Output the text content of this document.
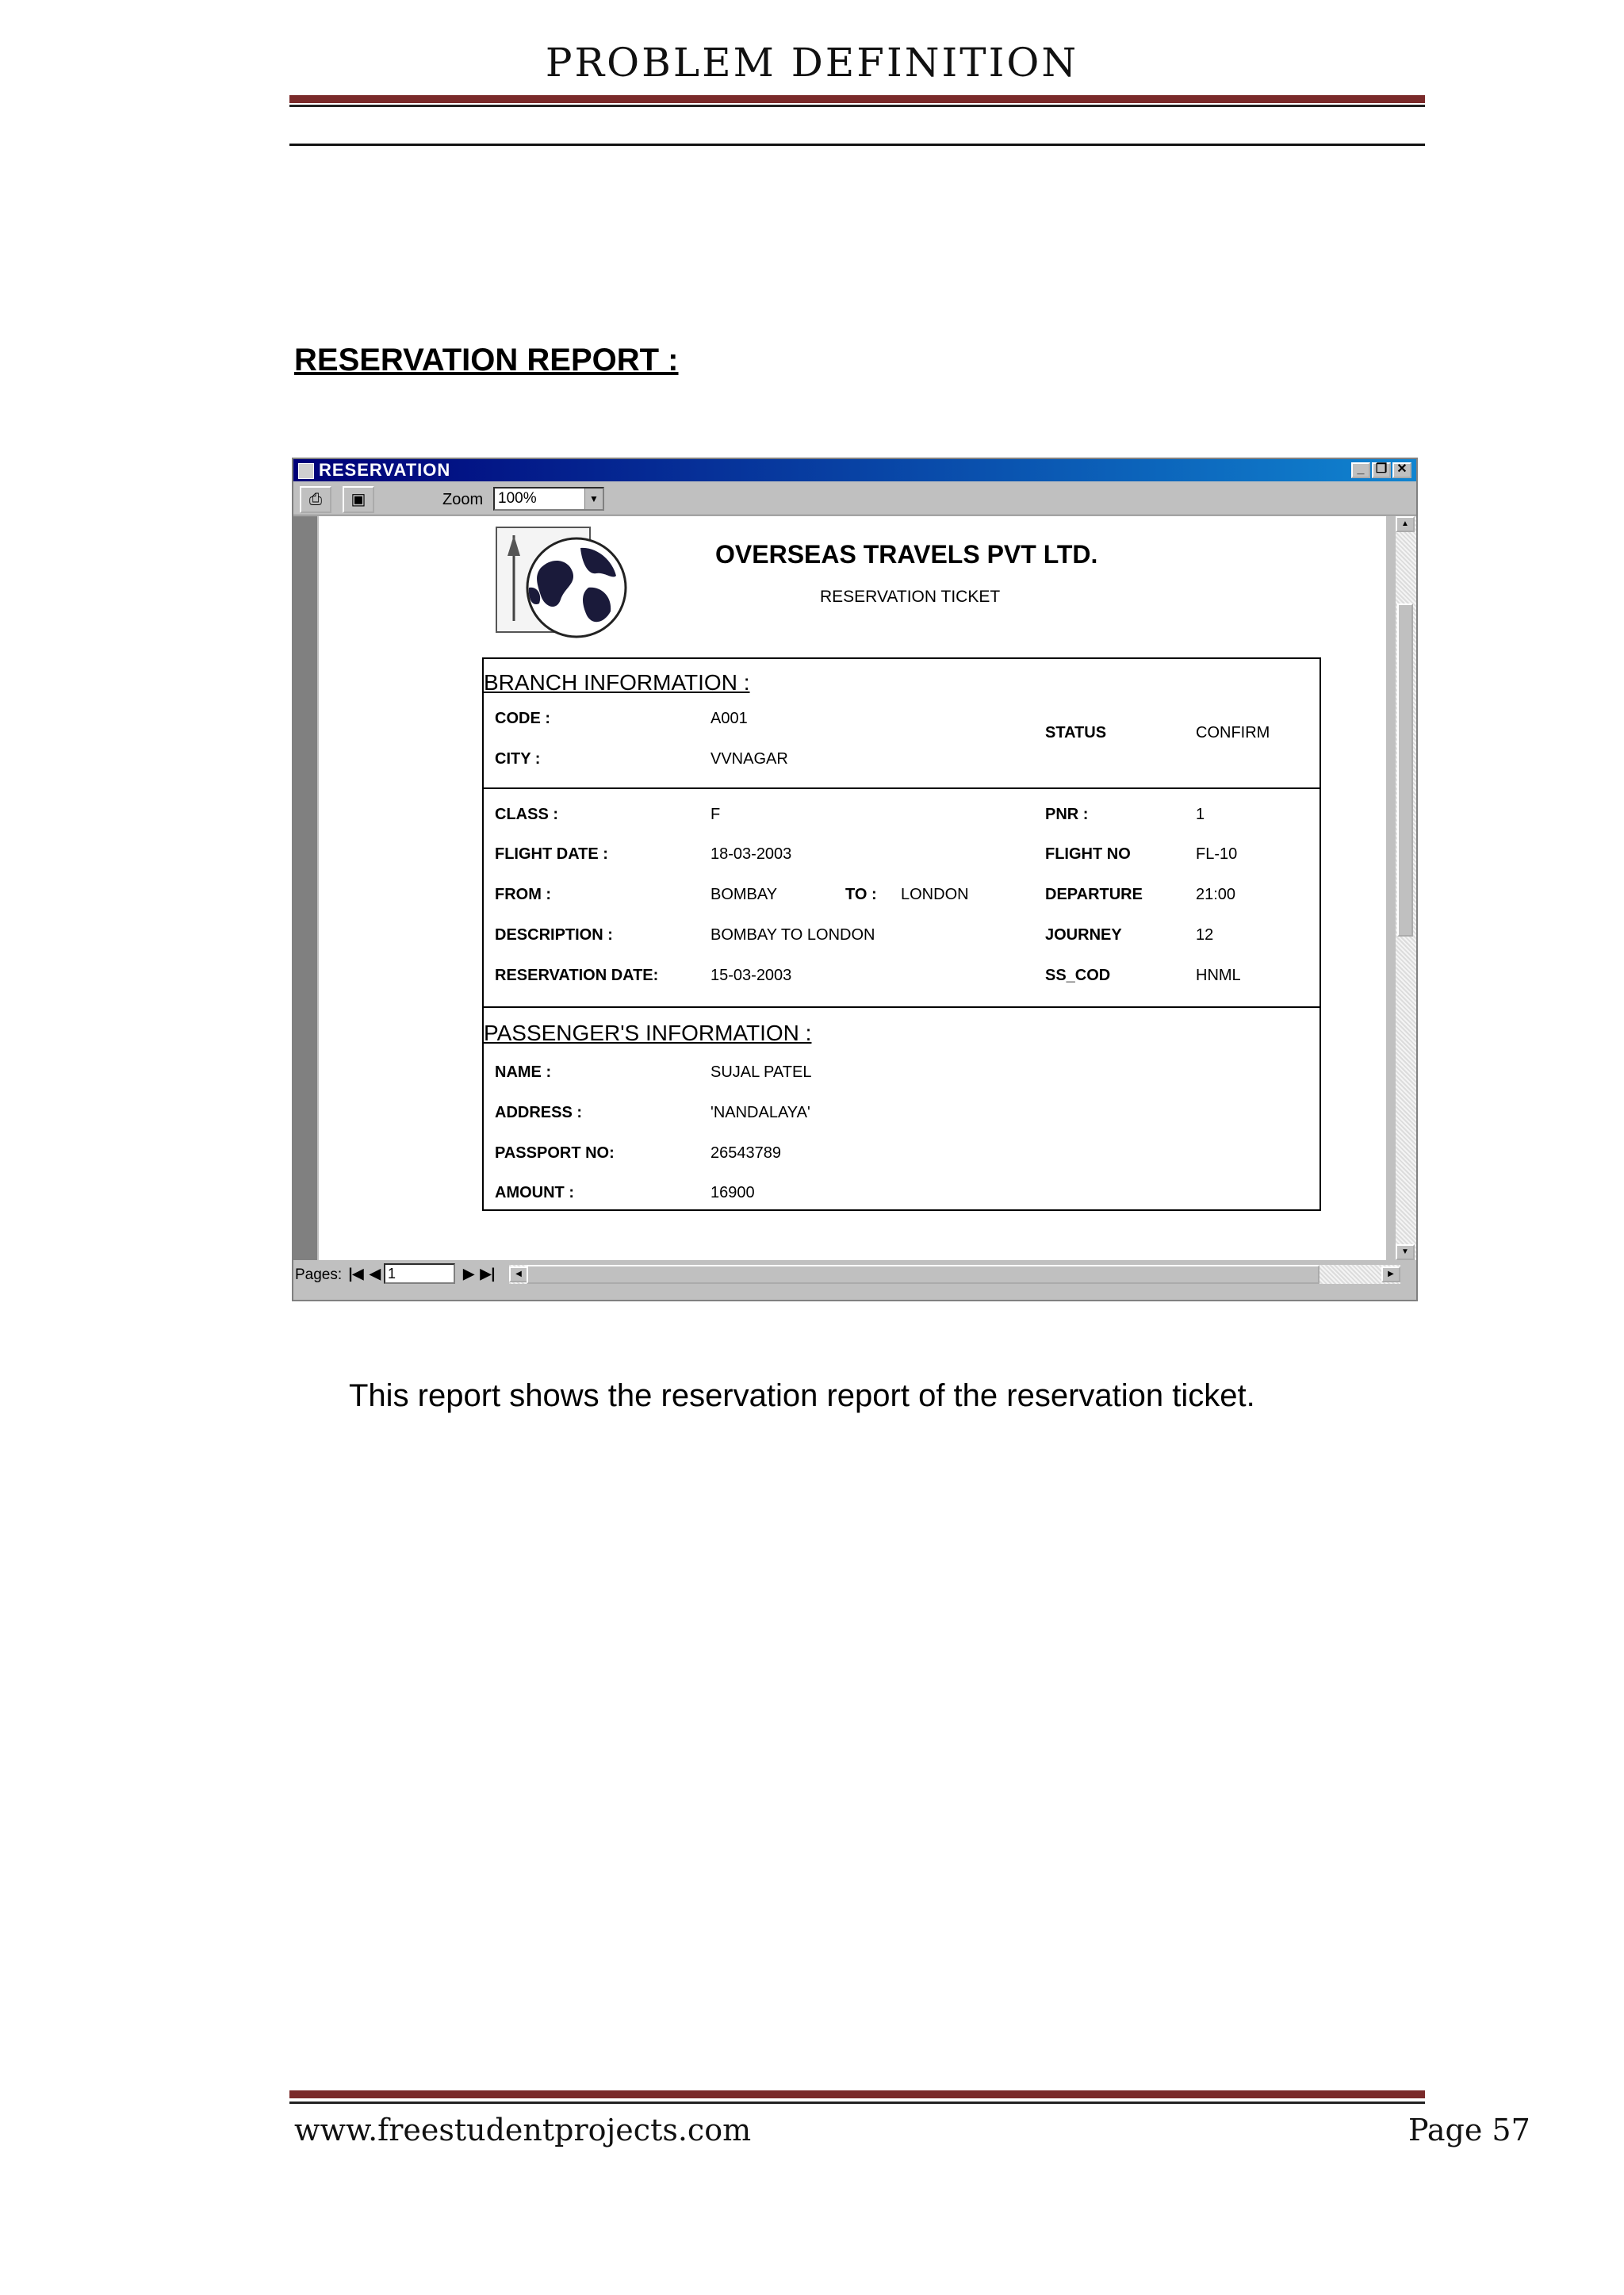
PROBLEM DEFINITION
RESERVATION REPORT :
RESERVATION	_ ❐ ✕
⎙	▣	Zoom 100%	▼
OVERSEAS TRAVELS PVT LTD.
RESERVATION TICKET
BRANCH INFORMATION :
CODE :	A001
CITY :	VVNAGAR
STATUS	CONFIRM
CLASS :	F	PNR :	1
FLIGHT DATE :	18-03-2003	FLIGHT NO	FL-10
FROM :	BOMBAY	TO : LONDON	DEPARTURE	21:00
DESCRIPTION :	BOMBAY TO LONDON	JOURNEY	12
RESERVATION DATE:	15-03-2003	SS_COD	HNML
PASSENGER'S INFORMATION :
NAME :	SUJAL PATEL
ADDRESS :	'NANDALAYA'
PASSPORT NO:	26543789
AMOUNT :	16900
▲
▼
Pages: |◀ ◀ 1	▶ ▶|	◀	▶
This report shows the reservation report of the reservation ticket.
www.freestudentprojects.com	Page 57
